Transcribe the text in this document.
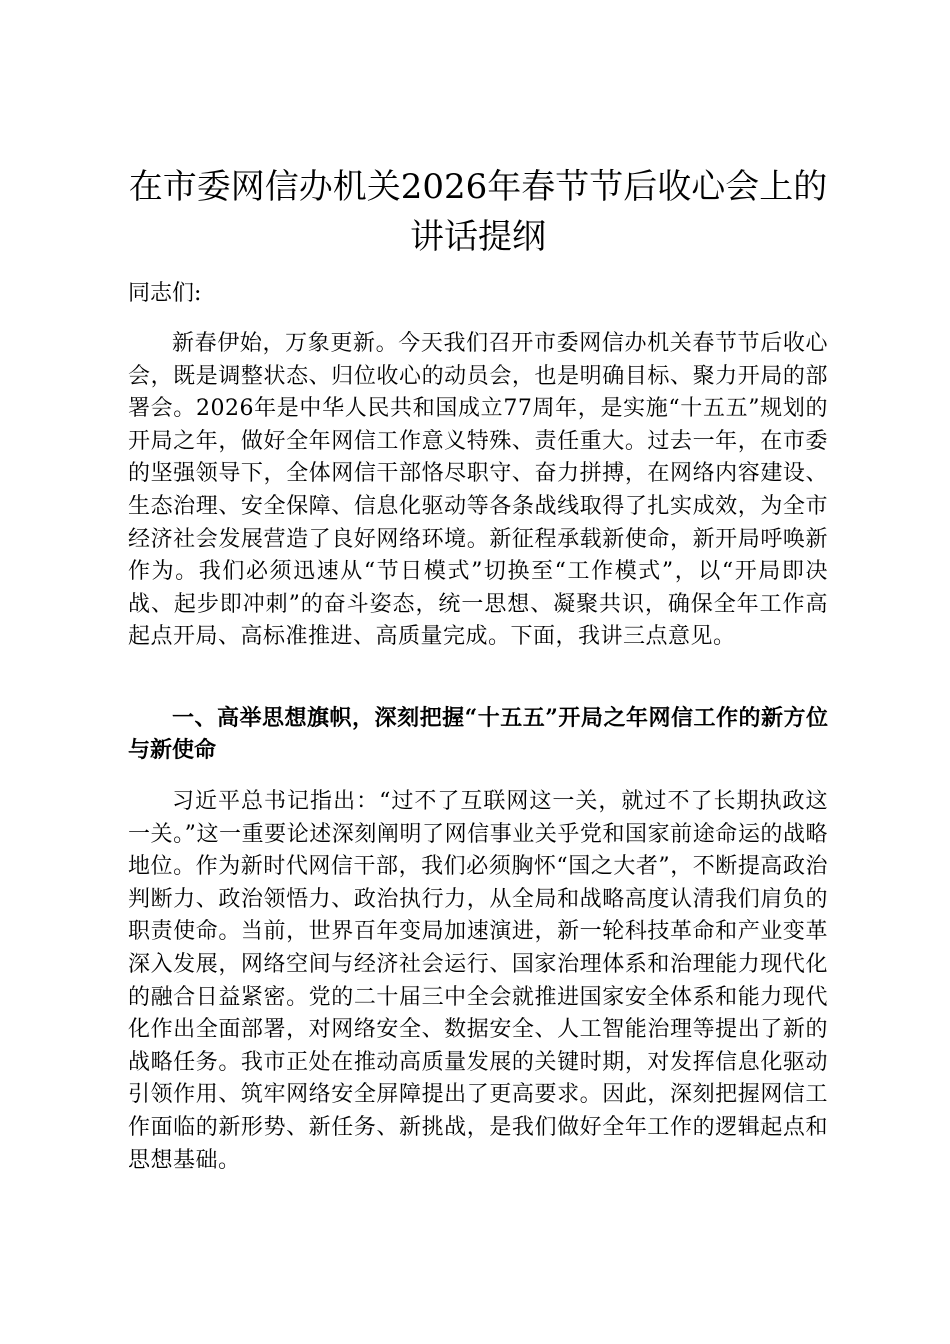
在市委网信办机关2026年春节节后收心会上的讲话提纲

同志们:

新春伊始，万象更新。今天我们召开市委网信办机关春节节后收心会，既是调整状态、归位收心的动员会，也是明确目标、聚力开局的部署会。2026年是中华人民共和国成立77周年，是实施“十五五”规划的开局之年，做好全年网信工作意义特殊、责任重大。过去一年，在市委的坚强领导下，全体网信干部恪尽职守、奋力拼搏，在网络内容建设、生态治理、安全保障、信息化驱动等各条战线取得了扎实成效，为全市经济社会发展营造了良好网络环境。新征程承载新使命，新开局呼唤新作为。我们必须迅速从“节日模式”切换至“工作模式”，以“开局即决战、起步即冲刺”的奋斗姿态，统一思想、凝聚共识，确保全年工作高起点开局、高标准推进、高质量完成。下面，我讲三点意见。

一、高举思想旗帜，深刻把握“十五五”开局之年网信工作的新方位与新使命

习近平总书记指出：“过不了互联网这一关，就过不了长期执政这一关。”这一重要论述深刻阐明了网信事业关乎党和国家前途命运的战略地位。作为新时代网信干部，我们必须胸怀“国之大者”，不断提高政治判断力、政治领悟力、政治执行力，从全局和战略高度认清我们肩负的职责使命。当前，世界百年变局加速演进，新一轮科技革命和产业变革深入发展，网络空间与经济社会运行、国家治理体系和治理能力现代化的融合日益紧密。党的二十届三中全会就推进国家安全体系和能力现代化作出全面部署，对网络安全、数据安全、人工智能治理等提出了新的战略任务。我市正处在推动高质量发展的关键时期，对发挥信息化驱动引领作用、筑牢网络安全屏障提出了更高要求。因此，深刻把握网信工作面临的新形势、新任务、新挑战，是我们做好全年工作的逻辑起点和思想基础。
